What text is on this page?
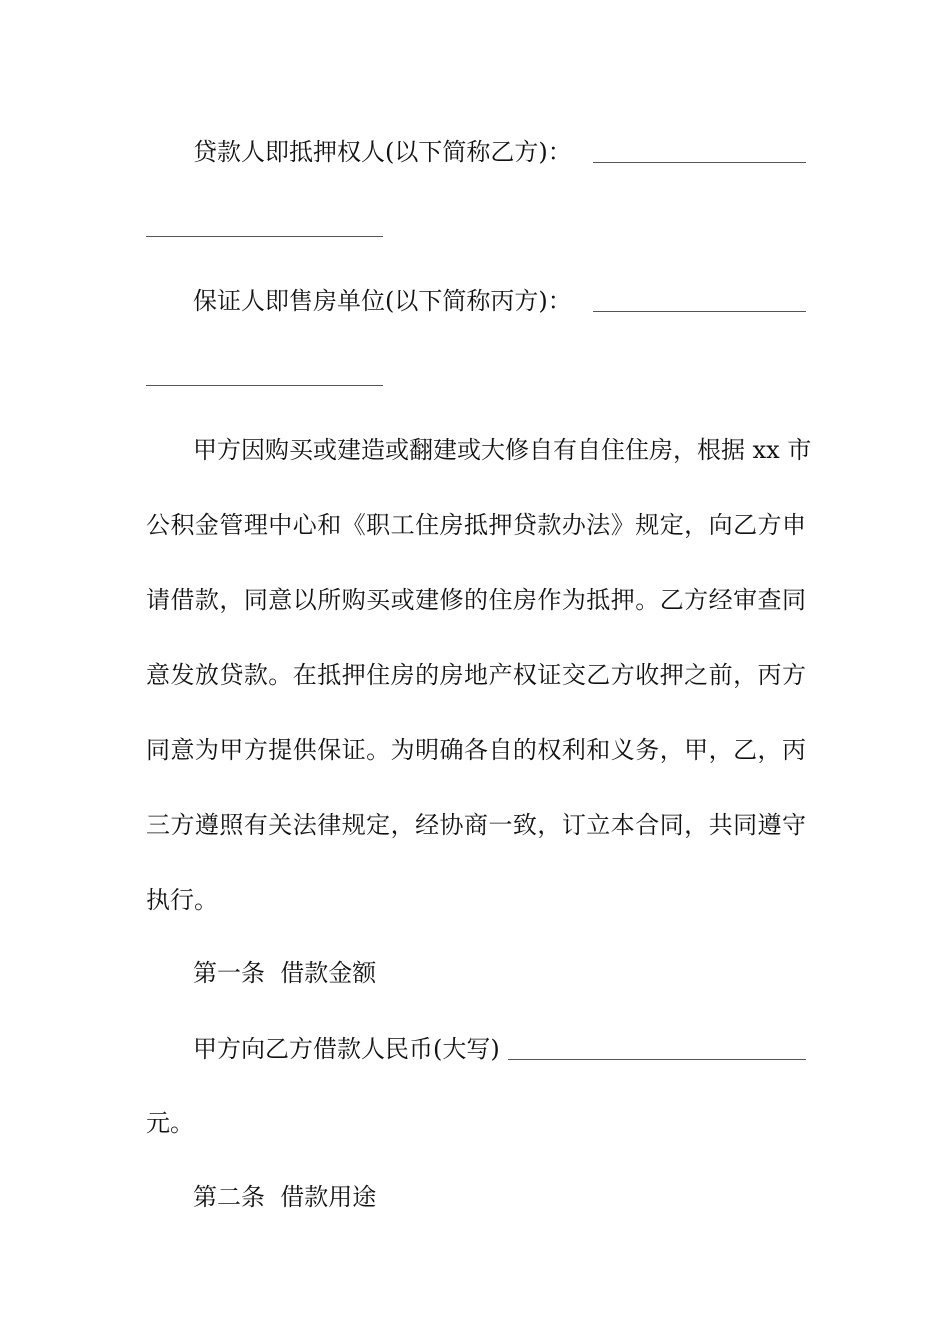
贷款人即抵押权人(以下简称乙方)：
保证人即售房单位(以下简称丙方)：
甲方因购买或建造或翻建或大修自有自住住房，根据 xx 市
公积金管理中心和《职工住房抵押贷款办法》规定，向乙方申
请借款，同意以所购买或建修的住房作为抵押。乙方经审查同
意发放贷款。在抵押住房的房地产权证交乙方收押之前，丙方
同意为甲方提供保证。为明确各自的权利和义务，甲，乙，丙
三方遵照有关法律规定，经协商一致，订立本合同，共同遵守
执行。
第一条  借款金额
甲方向乙方借款人民币(大写)
元。
第二条  借款用途
